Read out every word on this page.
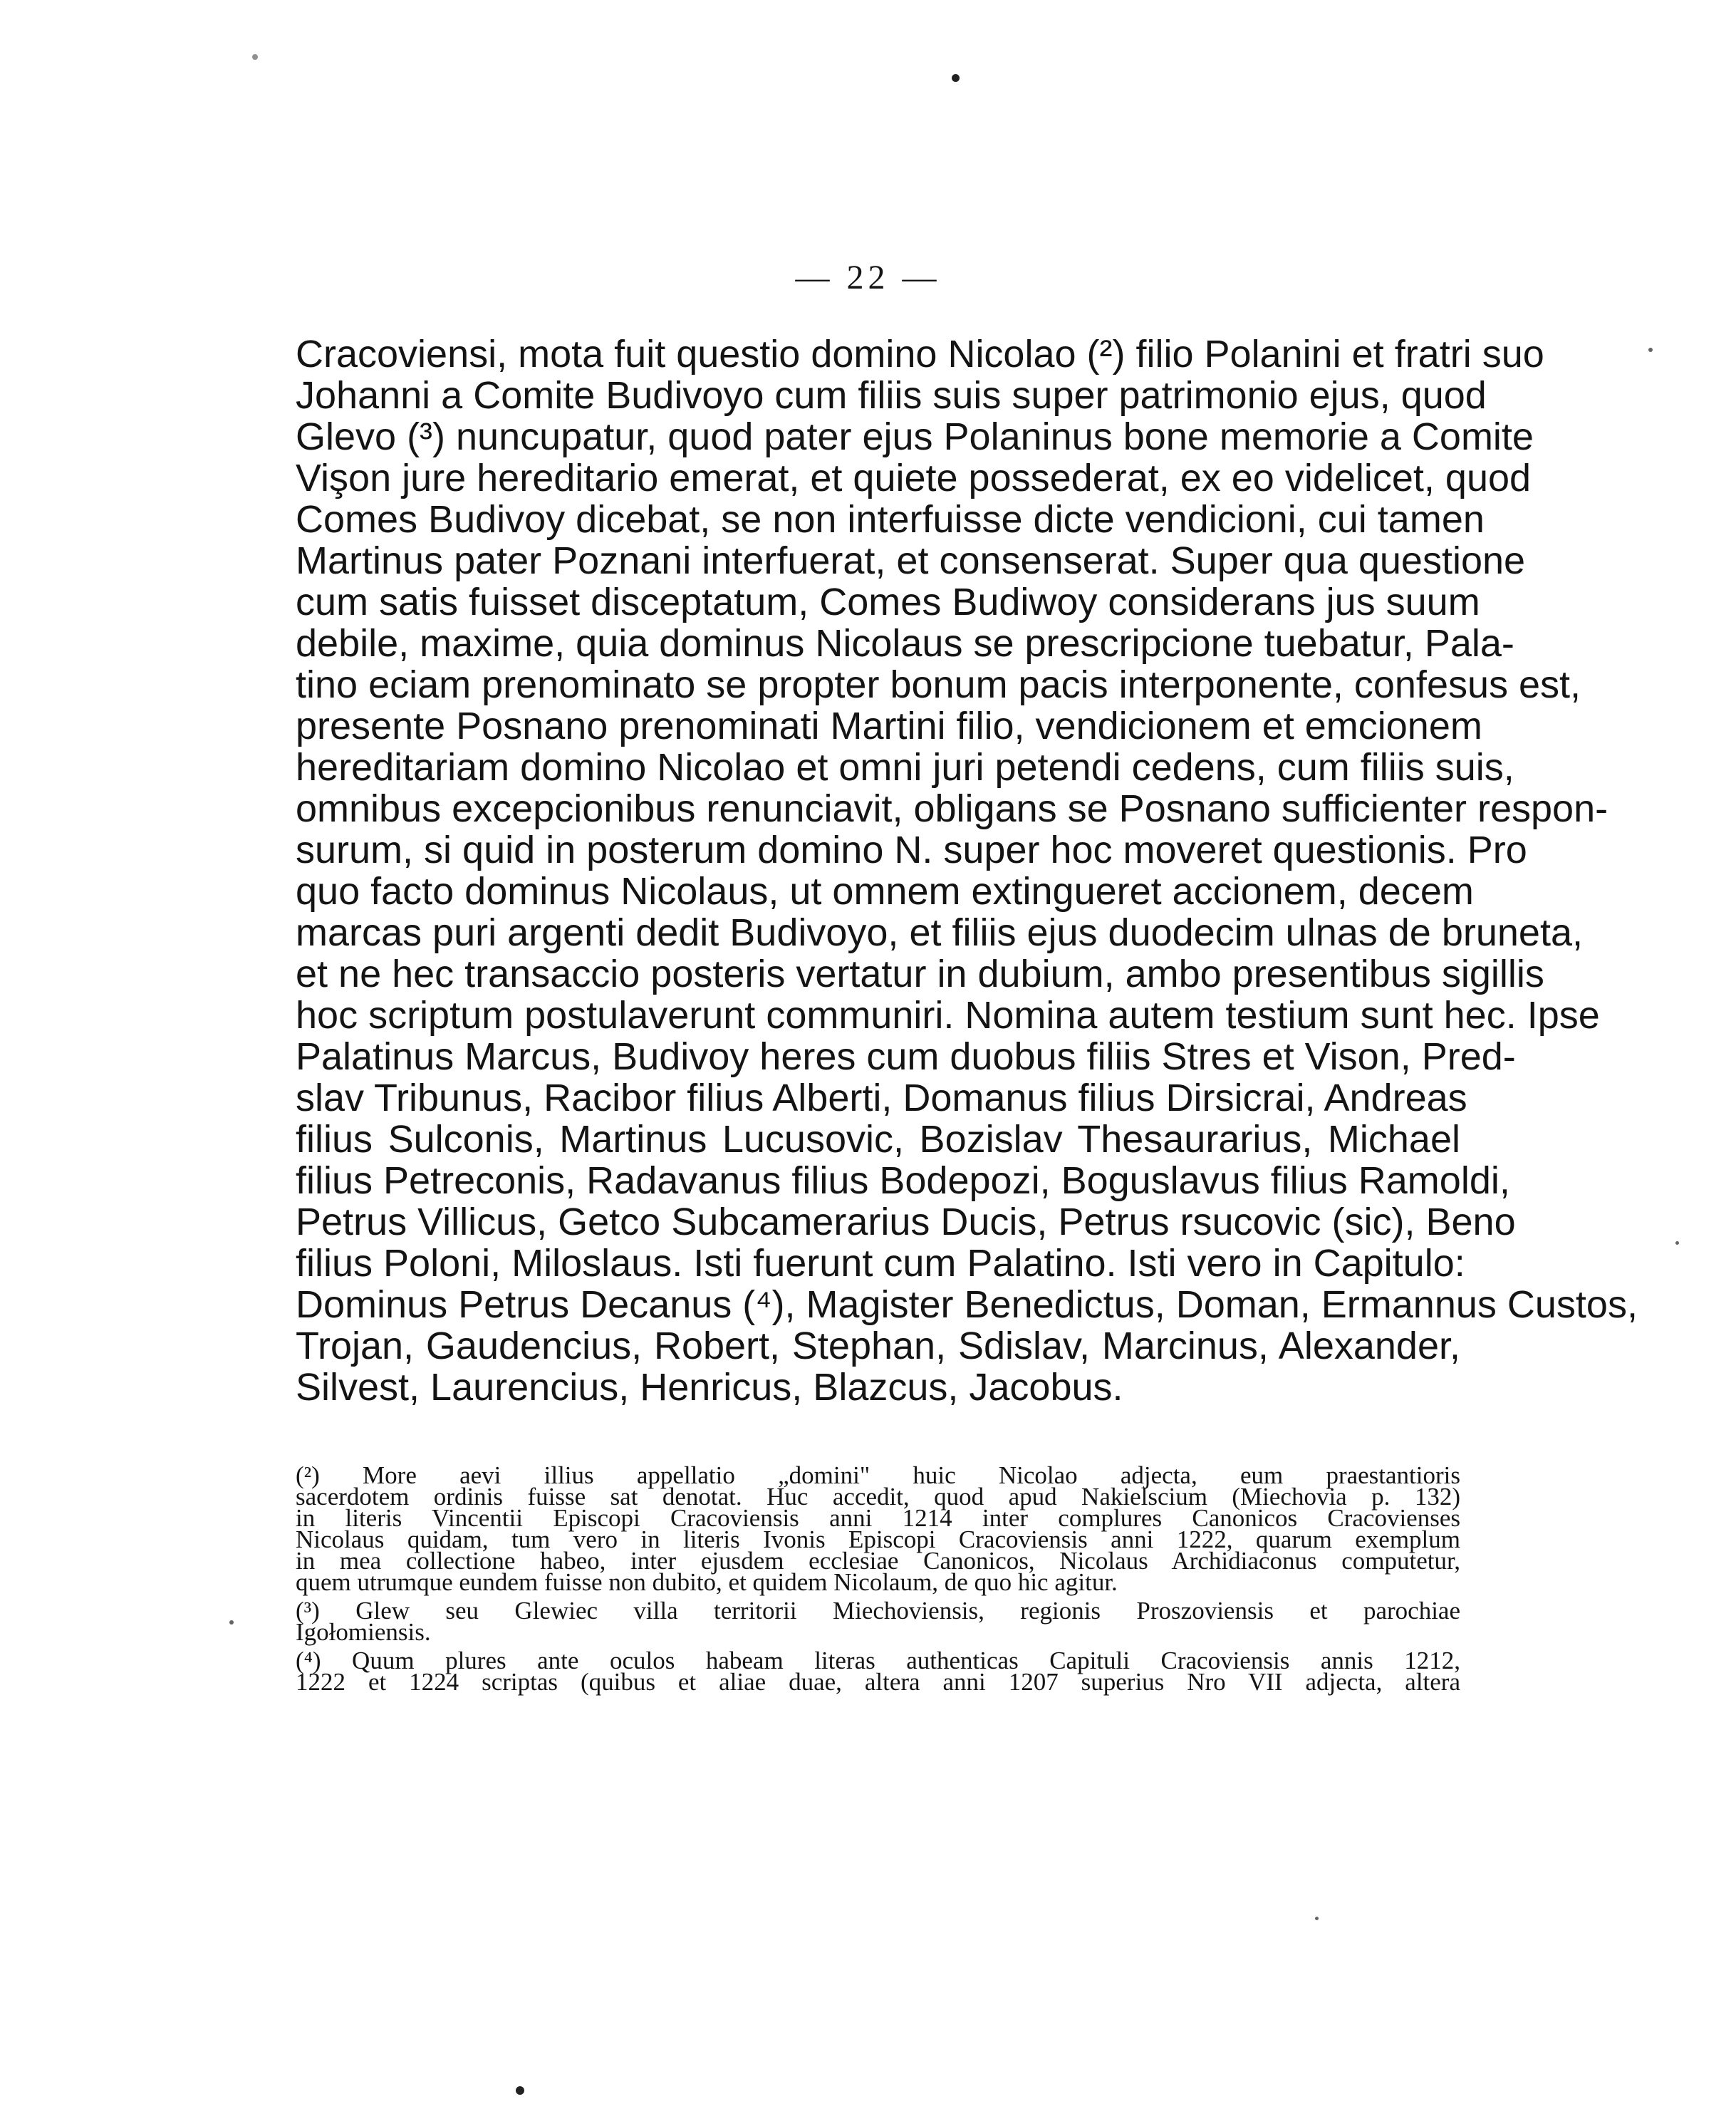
— 22 —
Cracoviensi, mota fuit questio domino Nicolao (²) filio Polanini et fratri suo
Johanni a Comite Budivoyo cum filiis suis super patrimonio ejus, quod
Glevo (³) nuncupatur, quod pater ejus Polaninus bone memorie a Comite
Vişon jure hereditario emerat, et quiete possederat, ex eo videlicet, quod
Comes Budivoy dicebat, se non interfuisse dicte vendicioni, cui tamen
Martinus pater Poznani interfuerat, et consenserat. Super qua questione
cum satis fuisset disceptatum, Comes Budiwoy considerans jus suum
debile, maxime, quia dominus Nicolaus se prescripcione tuebatur, Pala-
tino eciam prenominato se propter bonum pacis interponente, confesus est,
presente Posnano prenominati Martini filio, vendicionem et emcionem
hereditariam domino Nicolao et omni juri petendi cedens, cum filiis suis,
omnibus excepcionibus renunciavit, obligans se Posnano sufficienter respon-
surum, si quid in posterum domino N. super hoc moveret questionis. Pro
quo facto dominus Nicolaus, ut omnem extingueret accionem, decem
marcas puri argenti dedit Budivoyo, et filiis ejus duodecim ulnas de bruneta,
et ne hec transaccio posteris vertatur in dubium, ambo presentibus sigillis
hoc scriptum postulaverunt communiri. Nomina autem testium sunt hec. Ipse
Palatinus Marcus, Budivoy heres cum duobus filiis Stres et Vison, Pred-
slav Tribunus, Racibor filius Alberti, Domanus filius Dirsicrai, Andreas
filius Sulconis, Martinus Lucusovic, Bozislav Thesaurarius, Michael
filius Petreconis, Radavanus filius Bodepozi, Boguslavus filius Ramoldi,
Petrus Villicus, Getco Subcamerarius Ducis, Petrus rsucovic (sic), Beno
filius Poloni, Miloslaus. Isti fuerunt cum Palatino. Isti vero in Capitulo:
Dominus Petrus Decanus (⁴), Magister Benedictus, Doman, Ermannus Custos,
Trojan, Gaudencius, Robert, Stephan, Sdislav, Marcinus, Alexander,
Silvest, Laurencius, Henricus, Blazcus, Jacobus.
(²) More aevi illius appellatio „domini" huic Nicolao adjecta, eum praestantioris
sacerdotem ordinis fuisse sat denotat. Huc accedit, quod apud Nakielscium (Miechovia p. 132)
in literis Vincentii Episcopi Cracoviensis anni 1214 inter complures Canonicos Cracovienses
Nicolaus quidam, tum vero in literis Ivonis Episcopi Cracoviensis anni 1222, quarum exemplum
in mea collectione habeo, inter ejusdem ecclesiae Canonicos, Nicolaus Archidiaconus computetur,
quem utrumque eundem fuisse non dubito, et quidem Nicolaum, de quo hic agitur.
(³) Glew seu Glewiec villa territorii Miechoviensis, regionis Proszoviensis et parochiae
Igołomiensis.
(⁴) Quum plures ante oculos habeam literas authenticas Capituli Cracoviensis annis 1212,
1222 et 1224 scriptas (quibus et aliae duae, altera anni 1207 superius Nro VII adjecta, altera
